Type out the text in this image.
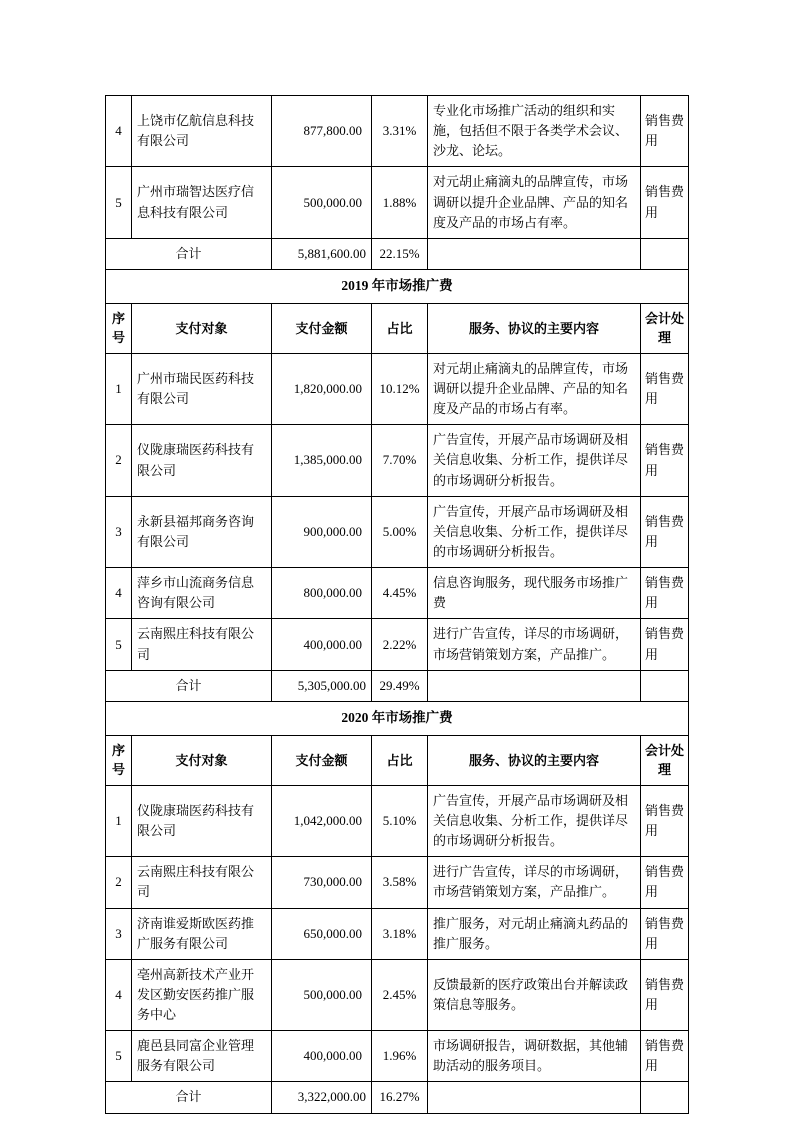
4	上饶市亿航信息科技有限公司	877,800.00	3.31%	专业化市场推广活动的组织和实施，包括但不限于各类学术会议、沙龙、论坛。	销售费用
5	广州市瑞智达医疗信息科技有限公司	500,000.00	1.88%	对元胡止痛滴丸的品牌宣传，市场调研以提升企业品牌、产品的知名度及产品的市场占有率。	销售费用
合计		5,881,600.00	22.15%		
2019 年市场推广费					
序号	支付对象	支付金额	占比	服务、协议的主要内容	会计处理
1	广州市瑞民医药科技有限公司	1,820,000.00	10.12%	对元胡止痛滴丸的品牌宣传，市场调研以提升企业品牌、产品的知名度及产品的市场占有率。	销售费用
2	仪陇康瑞医药科技有限公司	1,385,000.00	7.70%	广告宣传，开展产品市场调研及相关信息收集、分析工作，提供详尽的市场调研分析报告。	销售费用
3	永新县福邦商务咨询有限公司	900,000.00	5.00%	广告宣传，开展产品市场调研及相关信息收集、分析工作，提供详尽的市场调研分析报告。	销售费用
4	萍乡市山流商务信息咨询有限公司	800,000.00	4.45%	信息咨询服务，现代服务市场推广费	销售费用
5	云南熙庄科技有限公司	400,000.00	2.22%	进行广告宣传，详尽的市场调研，市场营销策划方案，产品推广。	销售费用
合计		5,305,000.00	29.49%		
2020 年市场推广费					
序号	支付对象	支付金额	占比	服务、协议的主要内容	会计处理
1	仪陇康瑞医药科技有限公司	1,042,000.00	5.10%	广告宣传，开展产品市场调研及相关信息收集、分析工作，提供详尽的市场调研分析报告。	销售费用
2	云南熙庄科技有限公司	730,000.00	3.58%	进行广告宣传，详尽的市场调研，市场营销策划方案，产品推广。	销售费用
3	济南谁爱斯欧医药推广服务有限公司	650,000.00	3.18%	推广服务，对元胡止痛滴丸药品的推广服务。	销售费用
4	亳州高新技术产业开发区勤安医药推广服务中心	500,000.00	2.45%	反馈最新的医疗政策出台并解读政策信息等服务。	销售费用
5	鹿邑县同富企业管理服务有限公司	400,000.00	1.96%	市场调研报告，调研数据，其他辅助活动的服务项目。	销售费用
合计		3,322,000.00	16.27%		
